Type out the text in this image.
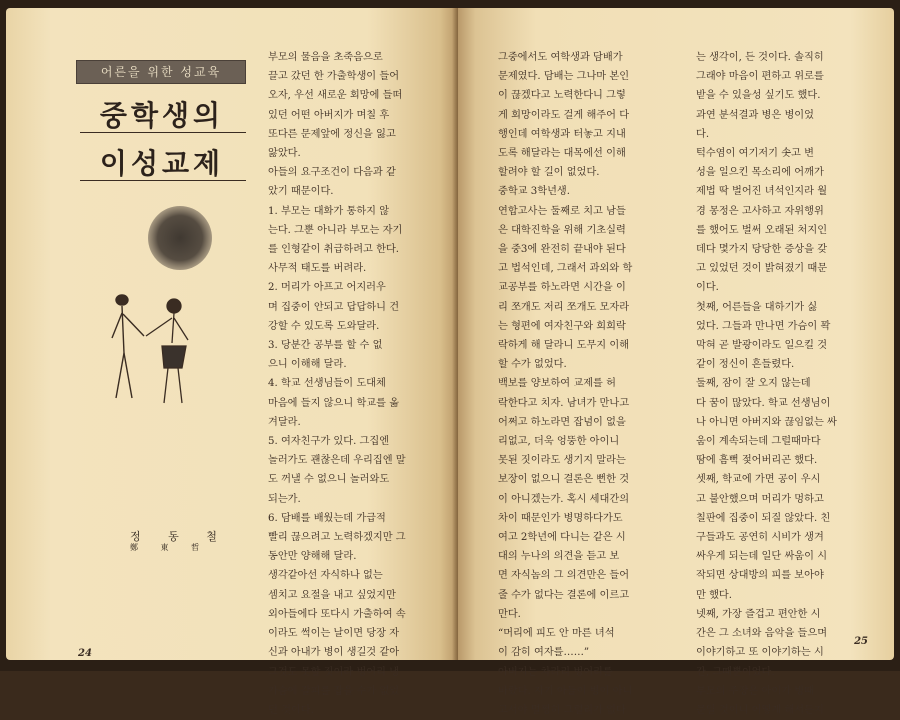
어른을 위한 성교육
중학생의
이성교제
정 동 철
鄭 東 哲

부모의 물음을 초죽음으로

끌고 갔던 한 가출학생이 들어

오자, 우선 새로운 회망에 들떠

있던 어떤 아버지가 며칠 후

또다른 문제앞에 정신을 잃고

앓았다.

아들의 요구조건이 다음과 같

았기 때문이다.

1. 부모는 대화가 통하지 않

는다. 그뿐 아니라 부모는 자기

를 인형같이 취급하려고 한다.

사무적 태도를 버려라.

2. 머리가 아프고 어지러우

며 집중이 안되고 답답하니 건

강할 수 있도록 도와달라.

3. 당분간 공부를 할 수 없

으니 이해해 달라.

4. 학교 선생님들이 도대체

마음에 들지 않으니 학교를 옮

겨달라.

5. 여자친구가 있다. 그집엔

놀러가도 괜찮은데 우리집엔 말

도 꺼낼 수 없으니 놀러와도

되는가.

6. 담배를 배웠는데 가급적

빨리 끊으려고 노력하겠지만 그

동안만 양해해 달라.

생각같아선 자식하나 없는

셈치고 요절을 내고 싶었지만

외아들에다 또다시 가출하여 속

이라도 썩이는 날이면 당장 자

신과 아내가 병이 생길것 같아

그것도 못할 짓이라 벙어리 냉

가슴에 갈피를 잡을 수가 없었

던 것이다.

24

그중에서도 여학생과 담배가

문제였다. 담배는 그나마 본인

이 끊겠다고 노력한다니 그렇

게 회망이라도 걸게 해주어 다

행인데 여학생과 터놓고 지내

도록 해달라는 대목에선 이해

할려야 할 길이 없었다.

중학교 3학년생.

연합고사는 둘째로 치고 남들

은 대학진학을 위해 기초실력

을 중3에 완전히 끝내야 된다

고 법석인데, 그래서 과외와 학

교공부를 하노라면 시간을 이

리 쪼개도 저리 쪼개도 모자라

는 형편에 여자친구와 희희락

락하게 해 달라니 도무지 이해

할 수가 없었다.

백보를 양보하여 교제를 허

락한다고 치자. 남녀가 만나고

어쩌고 하노라면 잡념이 없을

리없고, 더욱 엉뚱한 아이니

못된 짓이라도 생기지 말라는

보장이 없으니 결론은 뻔한 것

이 아니겠는가. 혹시 세대간의

차이 때문인가 병명하다가도

여고 2학년에 다니는 같은 시

대의 누나의 의견을 듣고 보

면 자식놈의 그 의견만은 들어

줄 수가 없다는 결론에 이르고

만다.

“머리에 피도 안 마른 녀석

이 감히 여자를……”

아버지는 차라리 벙어리를

바랐다. 자기 아들이 병이 아니

고서야 멀쩡히 그럴리가 없다

는 생각이, 든 것이다. 솔직히

그래야 마음이 편하고 위로를

받을 수 있을성 싶기도 했다.

과연 분석결과 병은 병이었

다.

턱수염이 여기저기 솟고 변

성을 일으킨 목소리에 어깨가

제법 딱 벌어진 녀석인지라 월

경 몽정은 고사하고 자위행위

를 했어도 벌써 오래된 처지인

데다 몇가지 당당한 증상을 갖

고 있었던 것이 밝혀졌기 때문

이다.

첫째, 어른들을 대하기가 싫

었다. 그들과 만나면 가슴이 꽉

막혀 곧 발광이라도 일으킬 것

같이 정신이 흔들렸다.

둘째, 잠이 잘 오지 않는데

다 꿈이 많았다. 학교 선생님이

나 아니면 아버지와 끊임없는 싸

움이 계속되는데 그럴때마다

땀에 흠뻑 젖어버리곤 했다.

셋째, 학교에 가면 공이 우시

고 불안했으며 머리가 멍하고

칠판에 집중이 되질 않았다. 친

구들과도 공연히 시비가 생겨

싸우게 되는데 일단 싸움이 시

작되면 상대방의 피를 보아야

만 했다.

넷째, 가장 즐겁고 편안한 시

간은 그 소녀와 음악을 들으며

이야기하고 또 이야기하는 시

간, 그때뿐이었다.

부모의 주장은 아이가 병때

문일 것이니 어떻게 해서든지

25
